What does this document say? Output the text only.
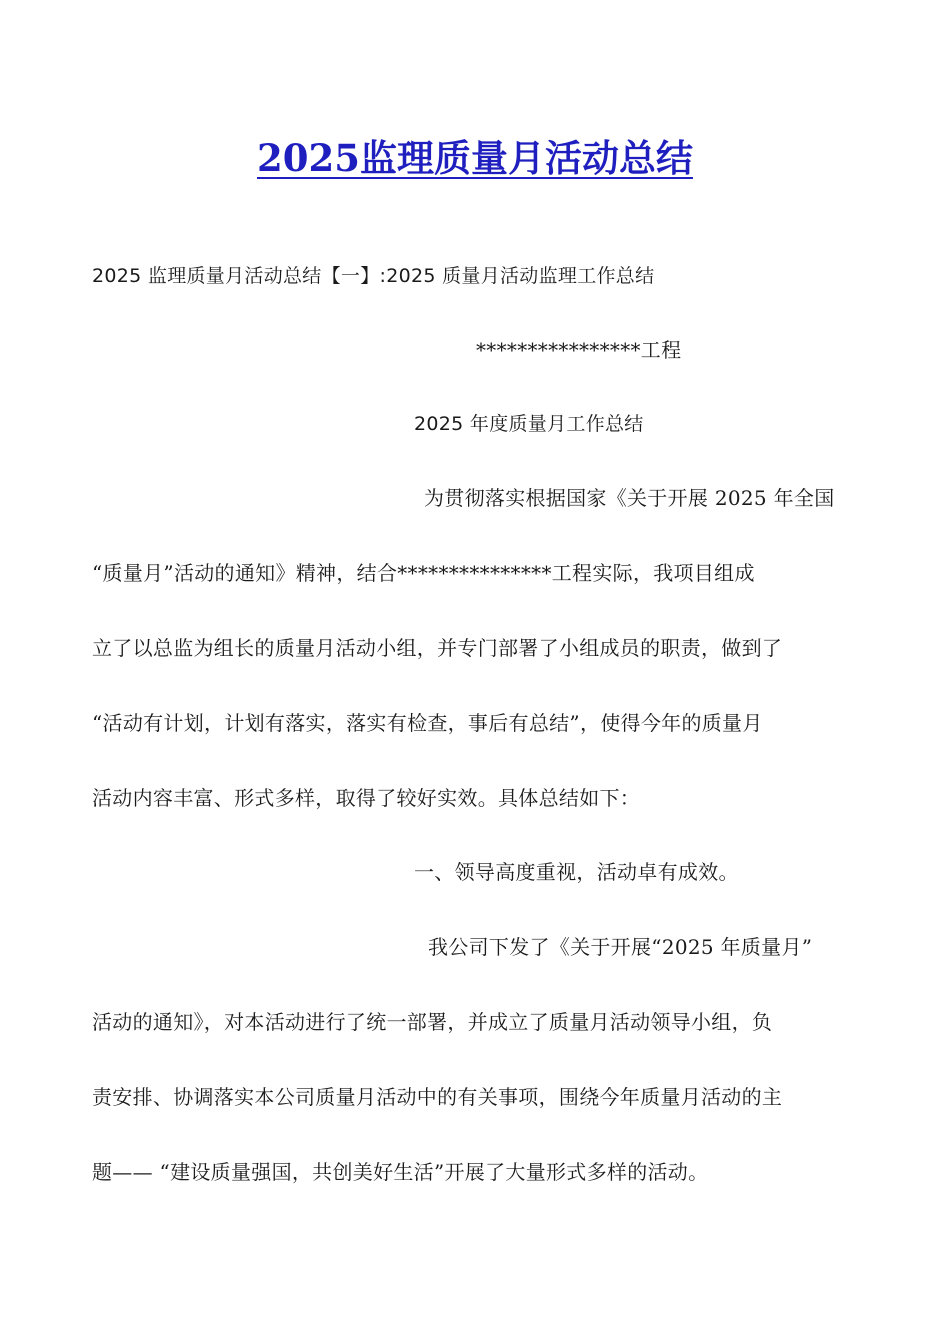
2025监理质量月活动总结
2025 监理质量月活动总结【一】:2025 质量月活动监理工作总结
****************工程
2025 年度质量月工作总结
为贯彻落实根据国家《关于开展 2025 年全国
“质量月”活动的通知》精神，结合***************工程实际，我项目组成
立了以总监为组长的质量月活动小组，并专门部署了小组成员的职责，做到了
“活动有计划，计划有落实，落实有检查，事后有总结”，使得今年的质量月
活动内容丰富、形式多样，取得了较好实效。具体总结如下：
一、领导高度重视，活动卓有成效。
我公司下发了《关于开展“2025 年质量月”
活动的通知》，对本活动进行了统一部署，并成立了质量月活动领导小组，负
责安排、协调落实本公司质量月活动中的有关事项，围绕今年质量月活动的主
题—— “建设质量强国，共创美好生活”开展了大量形式多样的活动。
